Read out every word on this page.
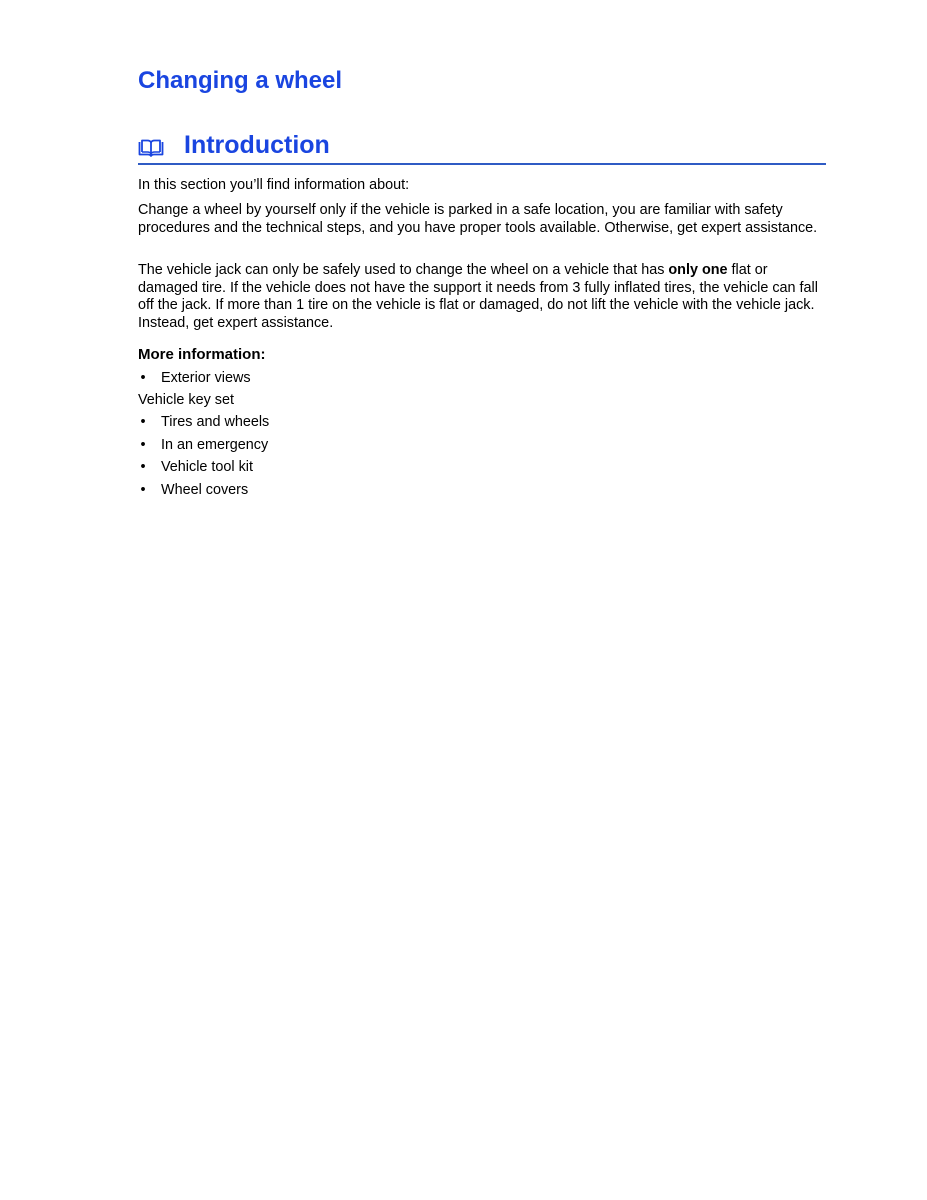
Changing a wheel
Introduction

In this section you’ll find information about:

Change a wheel by yourself only if the vehicle is parked in a safe location, you are familiar with safety procedures and the technical steps, and you have proper tools available. Otherwise, get expert assistance.

The vehicle jack can only be safely used to change the wheel on a vehicle that has only one flat or damaged tire. If the vehicle does not have the support it needs from 3 fully inflated tires, the vehicle can fall off the jack. If more than 1 tire on the vehicle is flat or damaged, do not lift the vehicle with the vehicle jack. Instead, get expert assistance.

More information:
• Exterior views
Vehicle key set
• Tires and wheels
• In an emergency
• Vehicle tool kit
• Wheel covers
